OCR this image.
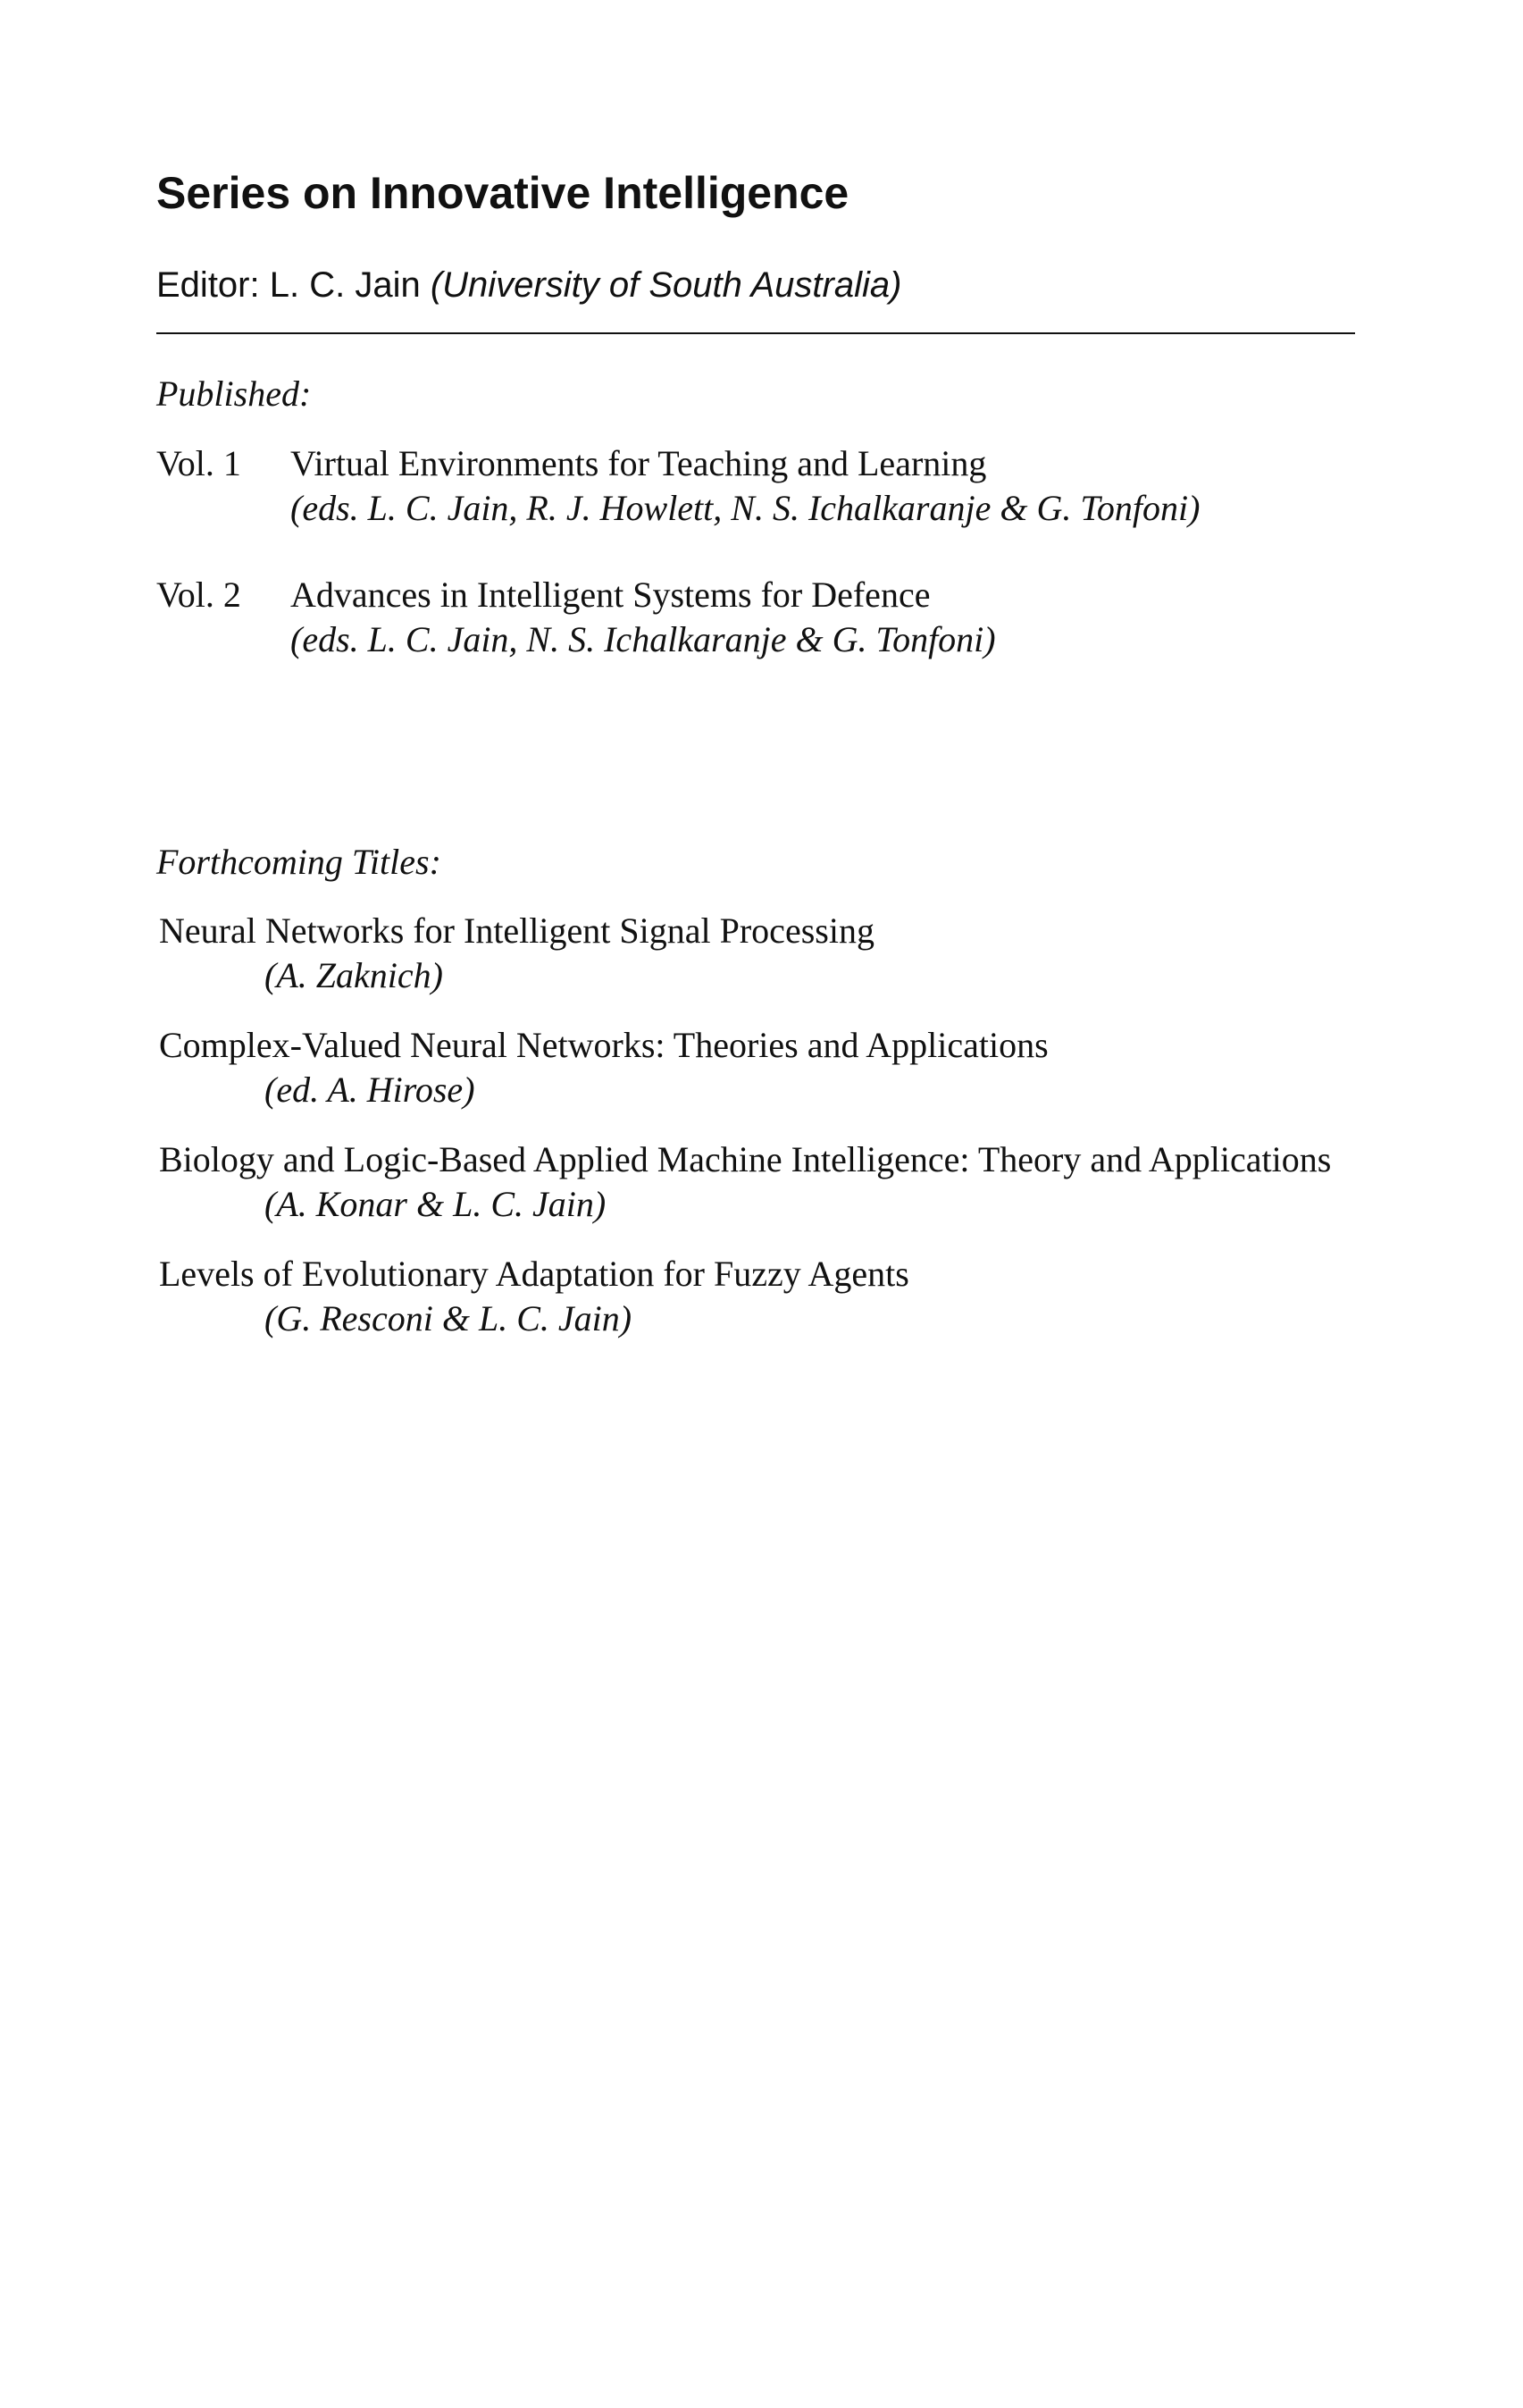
Series on Innovative Intelligence
Editor: L. C. Jain (University of South Australia)
Published:
Vol. 1 Virtual Environments for Teaching and Learning
(eds. L. C. Jain, R. J. Howlett, N. S. Ichalkaranje & G. Tonfoni)
Vol. 2 Advances in Intelligent Systems for Defence
(eds. L. C. Jain, N. S. Ichalkaranje & G. Tonfoni)
Forthcoming Titles:
Neural Networks for Intelligent Signal Processing
(A. Zaknich)
Complex-Valued Neural Networks: Theories and Applications
(ed. A. Hirose)
Biology and Logic-Based Applied Machine Intelligence: Theory and Applications
(A. Konar & L. C. Jain)
Levels of Evolutionary Adaptation for Fuzzy Agents
(G. Resconi & L. C. Jain)
